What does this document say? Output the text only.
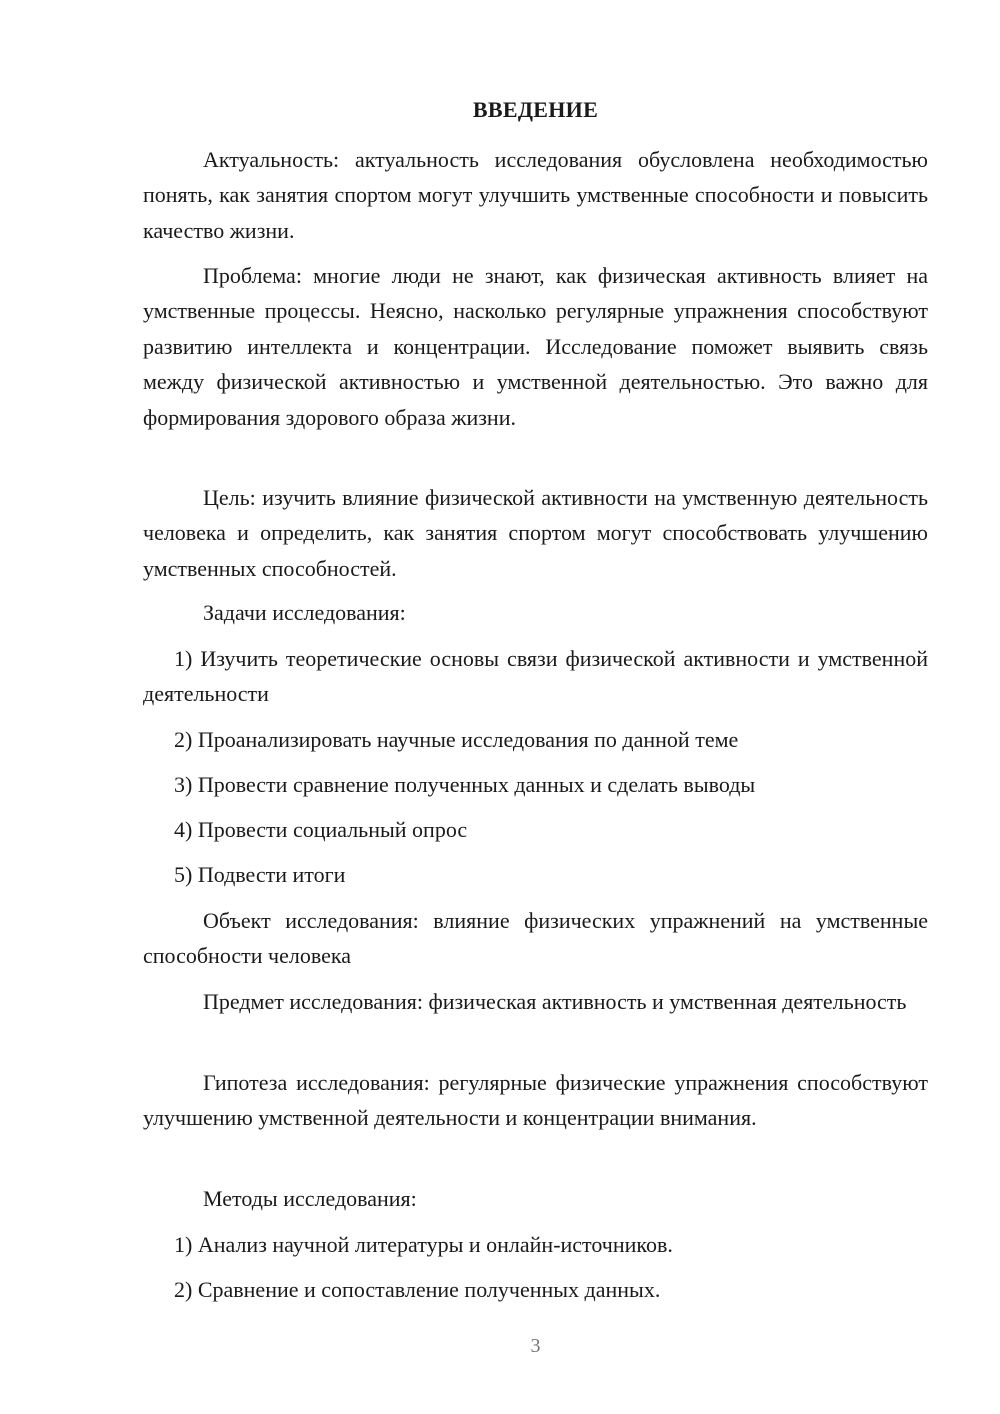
ВВЕДЕНИЕ

Актуальность: актуальность исследования обусловлена необходимостью понять, как занятия спортом могут улучшить умственные способности и повысить качество жизни.

Проблема: многие люди не знают, как физическая активность влияет на умственные процессы. Неясно, насколько регулярные упражнения способствуют развитию интеллекта и концентрации. Исследование поможет выявить связь между физической активностью и умственной деятельностью. Это важно для формирования здорового образа жизни.

Цель: изучить влияние физической активности на умственную деятельность человека и определить, как занятия спортом могут способствовать улучшению умственных способностей.

Задачи исследования:

1) Изучить теоретические основы связи физической активности и умственной деятельности

2) Проанализировать научные исследования по данной теме

3) Провести сравнение полученных данных и сделать выводы

4) Провести социальный опрос

5) Подвести итоги

Объект исследования: влияние физических упражнений на умственные способности человека

Предмет исследования: физическая активность и умственная деятельность

Гипотеза исследования: регулярные физические упражнения способствуют улучшению умственной деятельности и концентрации внимания.

Методы исследования:

1) Анализ научной литературы и онлайн-источников.

2) Сравнение и сопоставление полученных данных.

3
